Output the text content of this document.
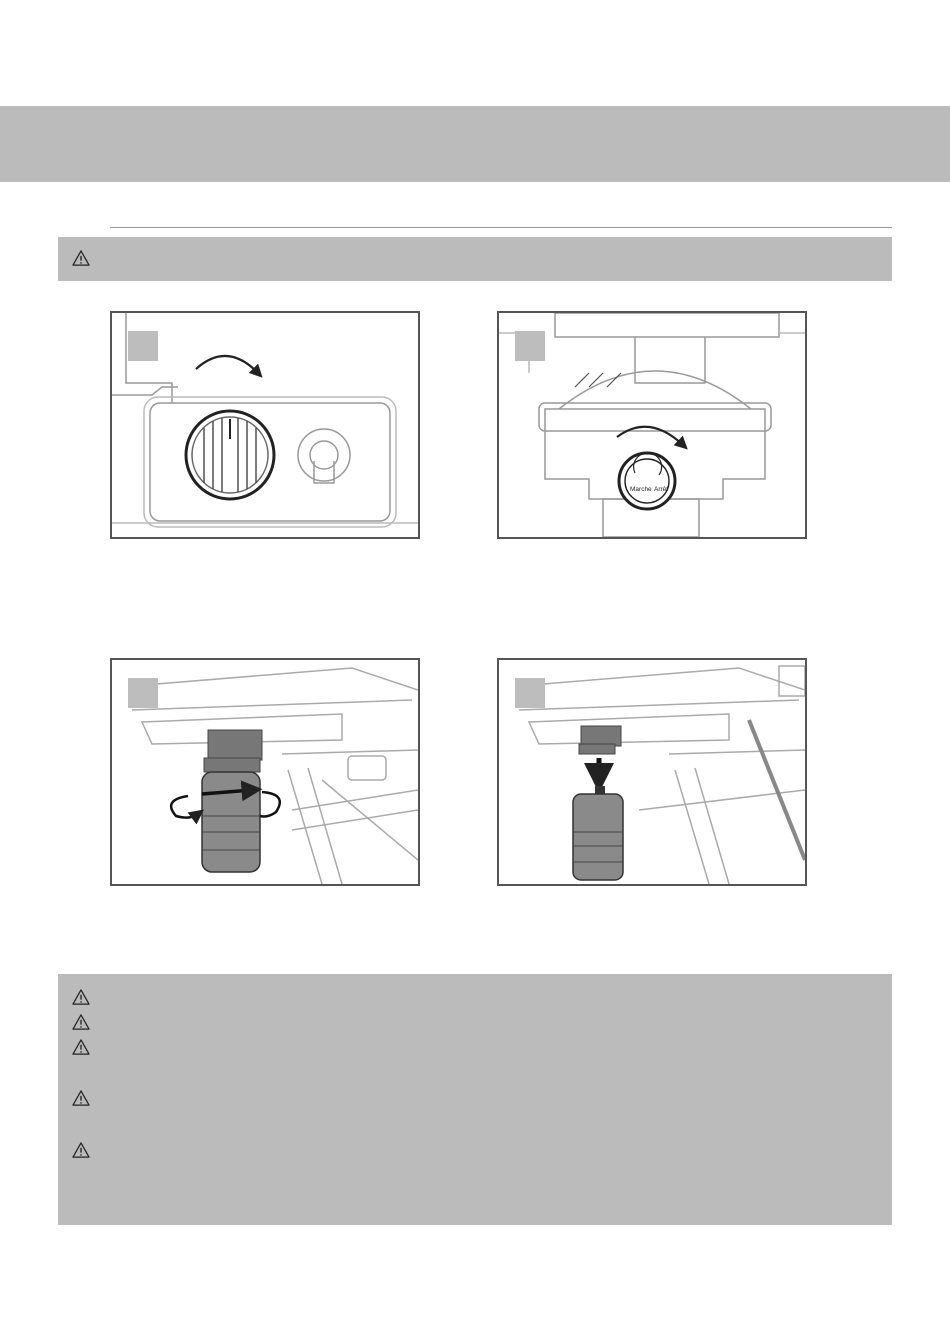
Marche Arrêt
